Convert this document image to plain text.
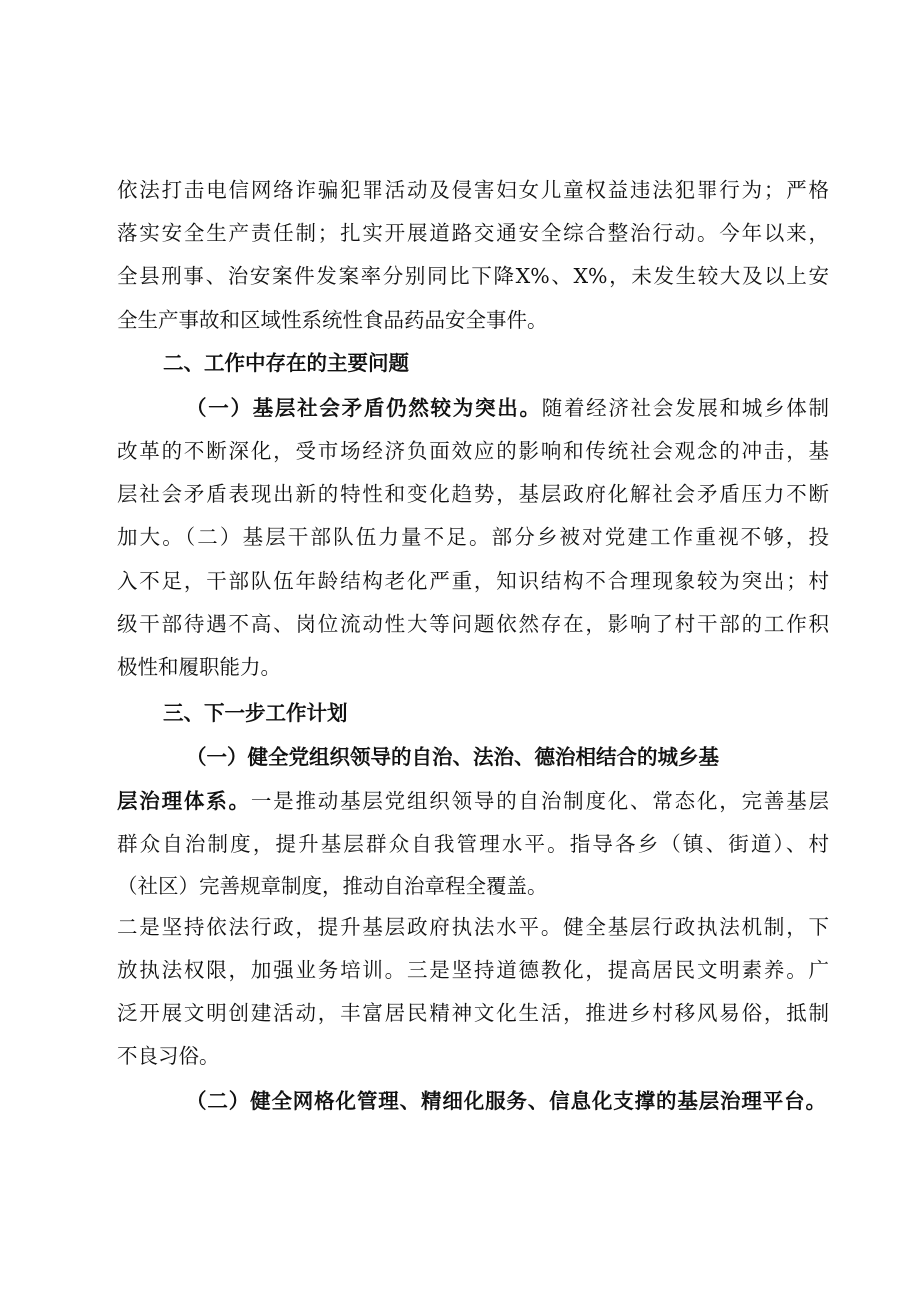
依法打击电信网络诈骗犯罪活动及侵害妇女儿童权益违法犯罪行为；严格
落实安全生产责任制；扎实开展道路交通安全综合整治行动。今年以来，
全县刑事、治安案件发案率分别同比下降X%、X%，未发生较大及以上安
全生产事故和区域性系统性食品药品安全事件。
二、工作中存在的主要问题
（一）基层社会矛盾仍然较为突出。随着经济社会发展和城乡体制
改革的不断深化，受市场经济负面效应的影响和传统社会观念的冲击，基
层社会矛盾表现出新的特性和变化趋势，基层政府化解社会矛盾压力不断
加大。（二）基层干部队伍力量不足。部分乡被对党建工作重视不够，投
入不足，干部队伍年龄结构老化严重，知识结构不合理现象较为突出；村
级干部待遇不高、岗位流动性大等问题依然存在，影响了村干部的工作积
极性和履职能力。
三、下一步工作计划
（一）健全党组织领导的自治、法治、德治相结合的城乡基
层治理体系。一是推动基层党组织领导的自治制度化、常态化，完善基层
群众自治制度，提升基层群众自我管理水平。指导各乡（镇、街道）、村
（社区）完善规章制度，推动自治章程全覆盖。
二是坚持依法行政，提升基层政府执法水平。健全基层行政执法机制，下
放执法权限，加强业务培训。三是坚持道德教化，提高居民文明素养。广
泛开展文明创建活动，丰富居民精神文化生活，推进乡村移风易俗，抵制
不良习俗。
（二）健全网格化管理、精细化服务、信息化支撑的基层治理平台。
